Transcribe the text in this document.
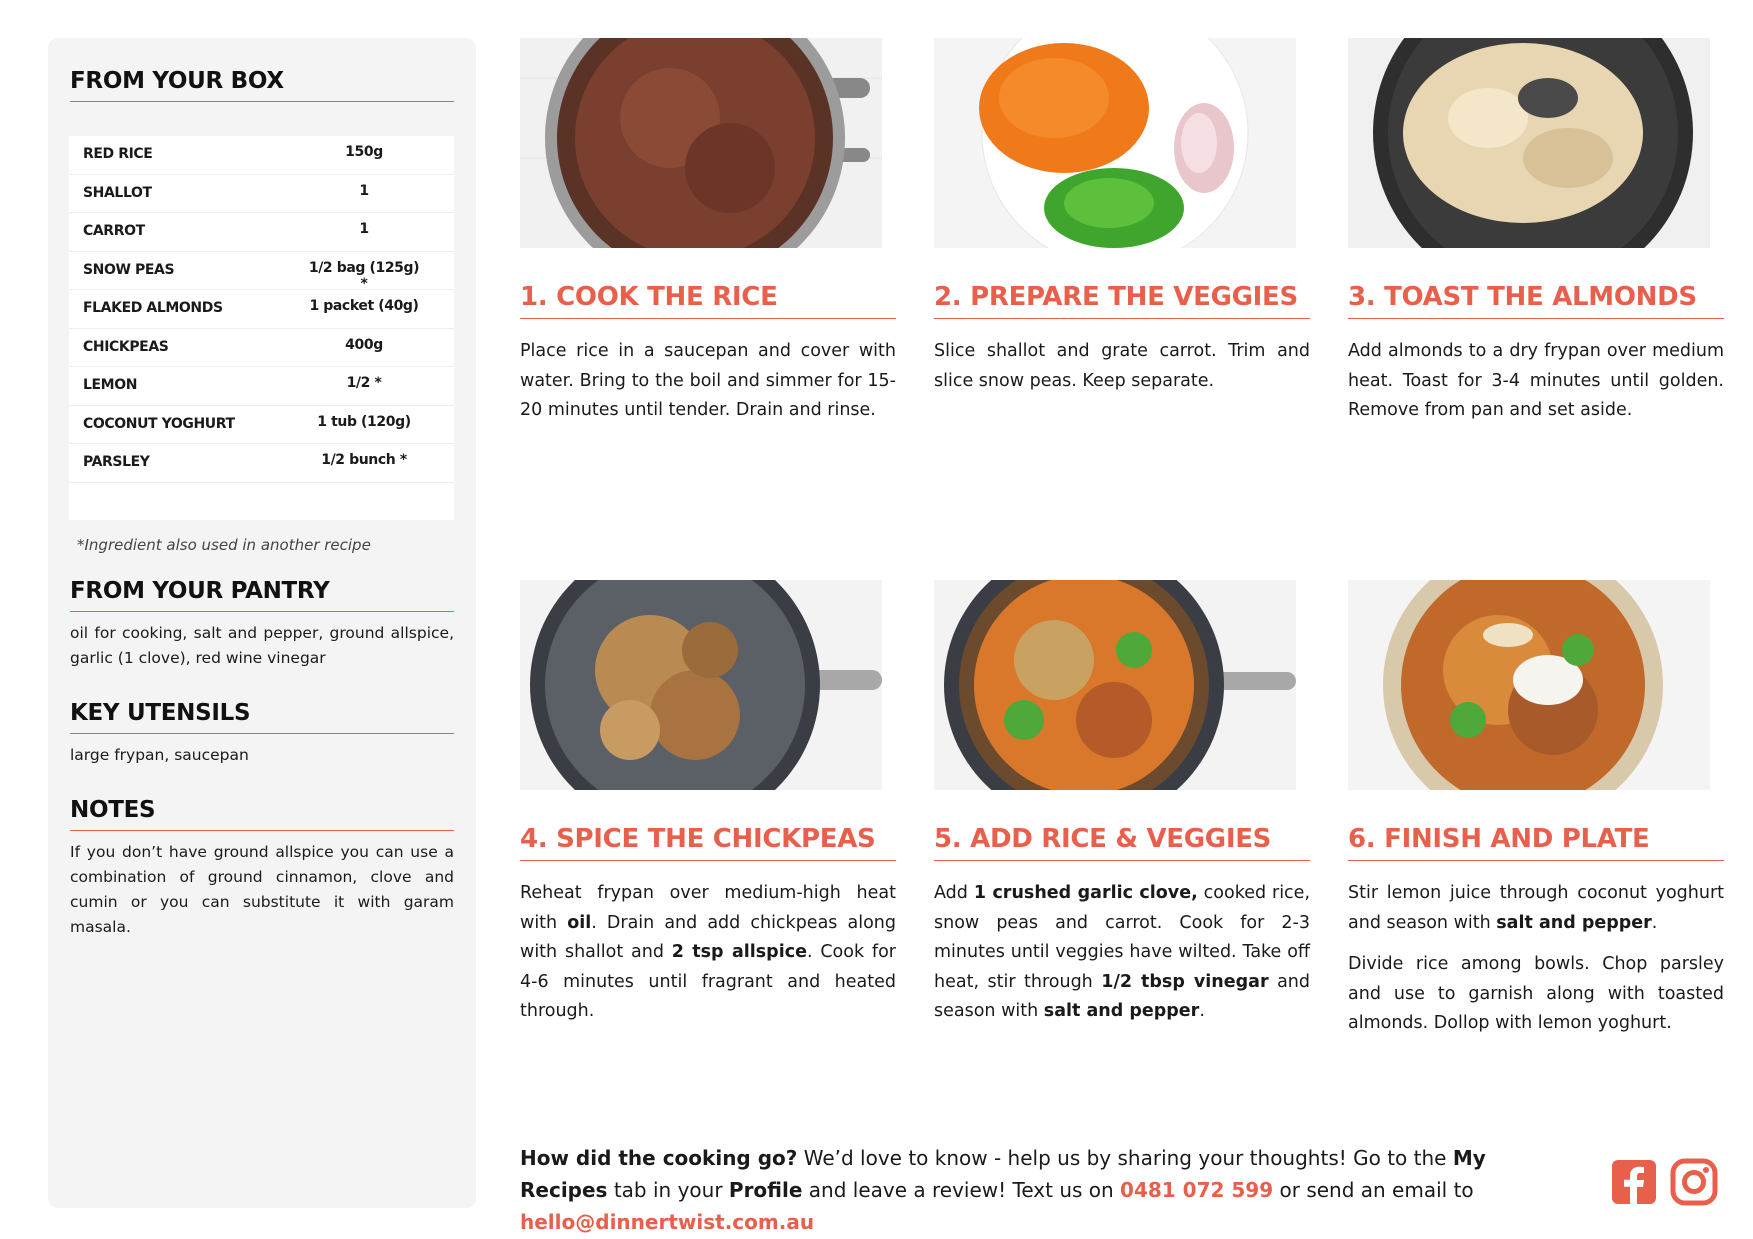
FROM YOUR BOX
RED RICE	150g
SHALLOT	1
CARROT	1
SNOW PEAS	1/2 bag (125g) *
FLAKED ALMONDS	1 packet (40g)
CHICKPEAS	400g
LEMON	1/2 *
COCONUT YOGHURT	1 tub (120g)
PARSLEY	1/2 bunch *
*Ingredient also used in another recipe
FROM YOUR PANTRY
oil for cooking, salt and pepper, ground allspice, garlic (1 clove), red wine vinegar
KEY UTENSILS
large frypan, saucepan
NOTES
If you don’t have ground allspice you can use a combination of ground cinnamon, clove and cumin or you can substitute it with garam masala.
1. COOK THE RICE

Place rice in a saucepan and cover with water. Bring to the boil and simmer for 15-20 minutes until tender. Drain and rinse.

2. PREPARE THE VEGGIES

Slice shallot and grate carrot. Trim and slice snow peas. Keep separate.

3. TOAST THE ALMONDS

Add almonds to a dry frypan over medium heat. Toast for 3-4 minutes until golden. Remove from pan and set aside.

4. SPICE THE CHICKPEAS

Reheat frypan over medium-high heat with oil. Drain and add chickpeas along with shallot and 2 tsp allspice. Cook for 4-6 minutes until fragrant and heated through.

5. ADD RICE & VEGGIES

Add 1 crushed garlic clove, cooked rice, snow peas and carrot. Cook for 2-3 minutes until veggies have wilted. Take off heat, stir through 1/2 tbsp vinegar and season with salt and pepper.

6. FINISH AND PLATE

Stir lemon juice through coconut yoghurt and season with salt and pepper.

Divide rice among bowls. Chop parsley and use to garnish along with toasted almonds. Dollop with lemon yoghurt.

How did the cooking go? We’d love to know - help us by sharing your thoughts! Go to the My Recipes tab in your Profile and leave a review! Text us on 0481 072 599 or send an email to hello@dinnertwist.com.au
